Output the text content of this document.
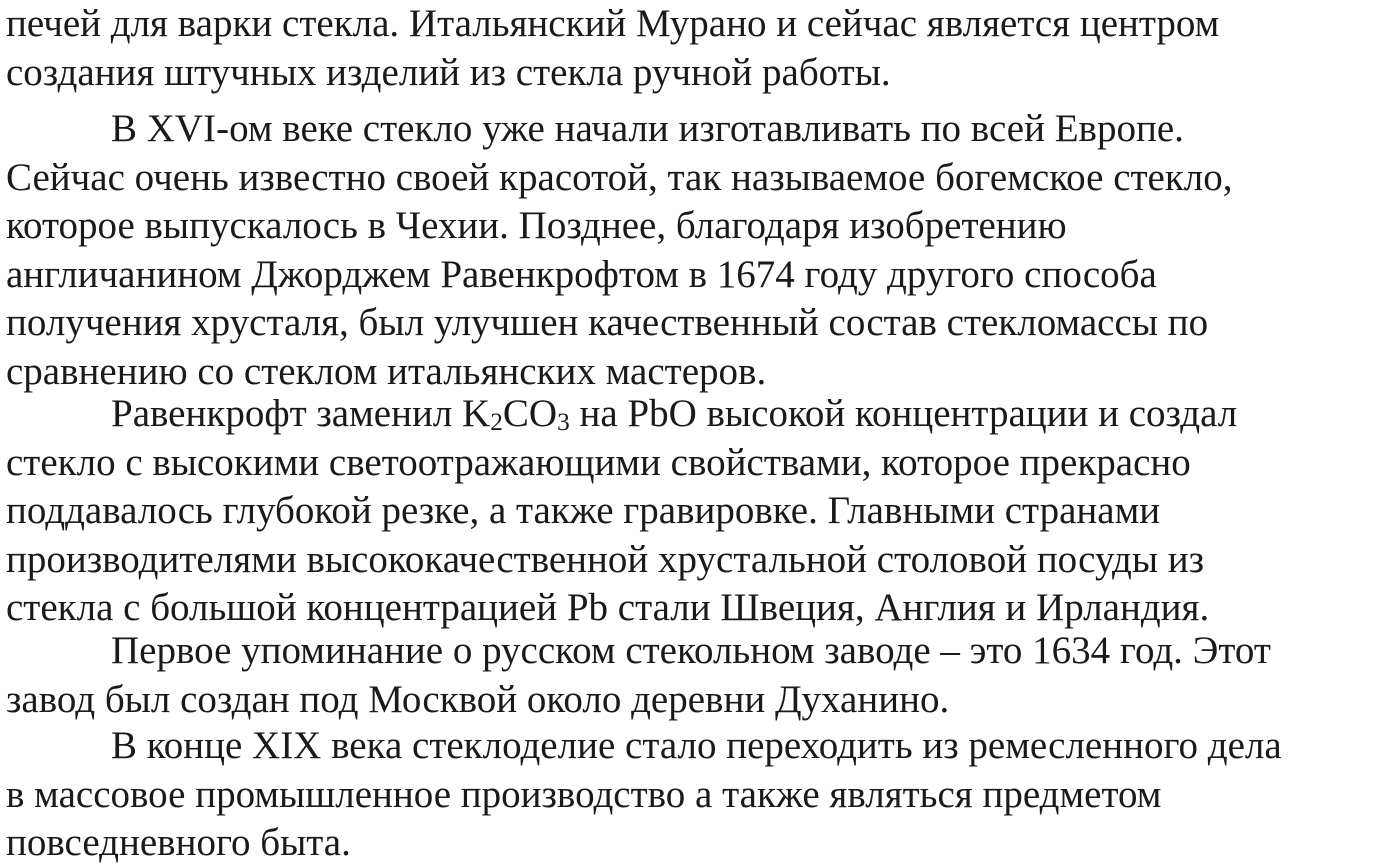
печей для варки стекла. Итальянский Мурано и сейчас является центром
создания штучных изделий из стекла ручной работы.
В XVI-ом веке стекло уже начали изготавливать по всей Европе.
Сейчас очень известно своей красотой, так называемое богемское стекло,
которое выпускалось в Чехии. Позднее, благодаря изобретению
англичанином Джорджем Равенкрофтом в 1674 году другого способа
получения хрусталя, был улучшен качественный состав стекломассы по
сравнению со стеклом итальянских мастеров.
Равенкрофт заменил $K_2CO_3$ на PbO высокой концентрации и создал
стекло с высокими светоотражающими свойствами, которое прекрасно
поддавалось глубокой резке, а также гравировке. Главными странами
производителями высококачественной хрустальной столовой посуды из
стекла с большой концентрацией Pb стали Швеция, Англия и Ирландия.
Первое упоминание о русском стекольном заводе – это 1634 год. Этот
завод был создан под Москвой около деревни Духанино.
В конце XIX века стеклоделие стало переходить из ремесленного дела
в массовое промышленное производство а также являться предметом
повседневного быта.
